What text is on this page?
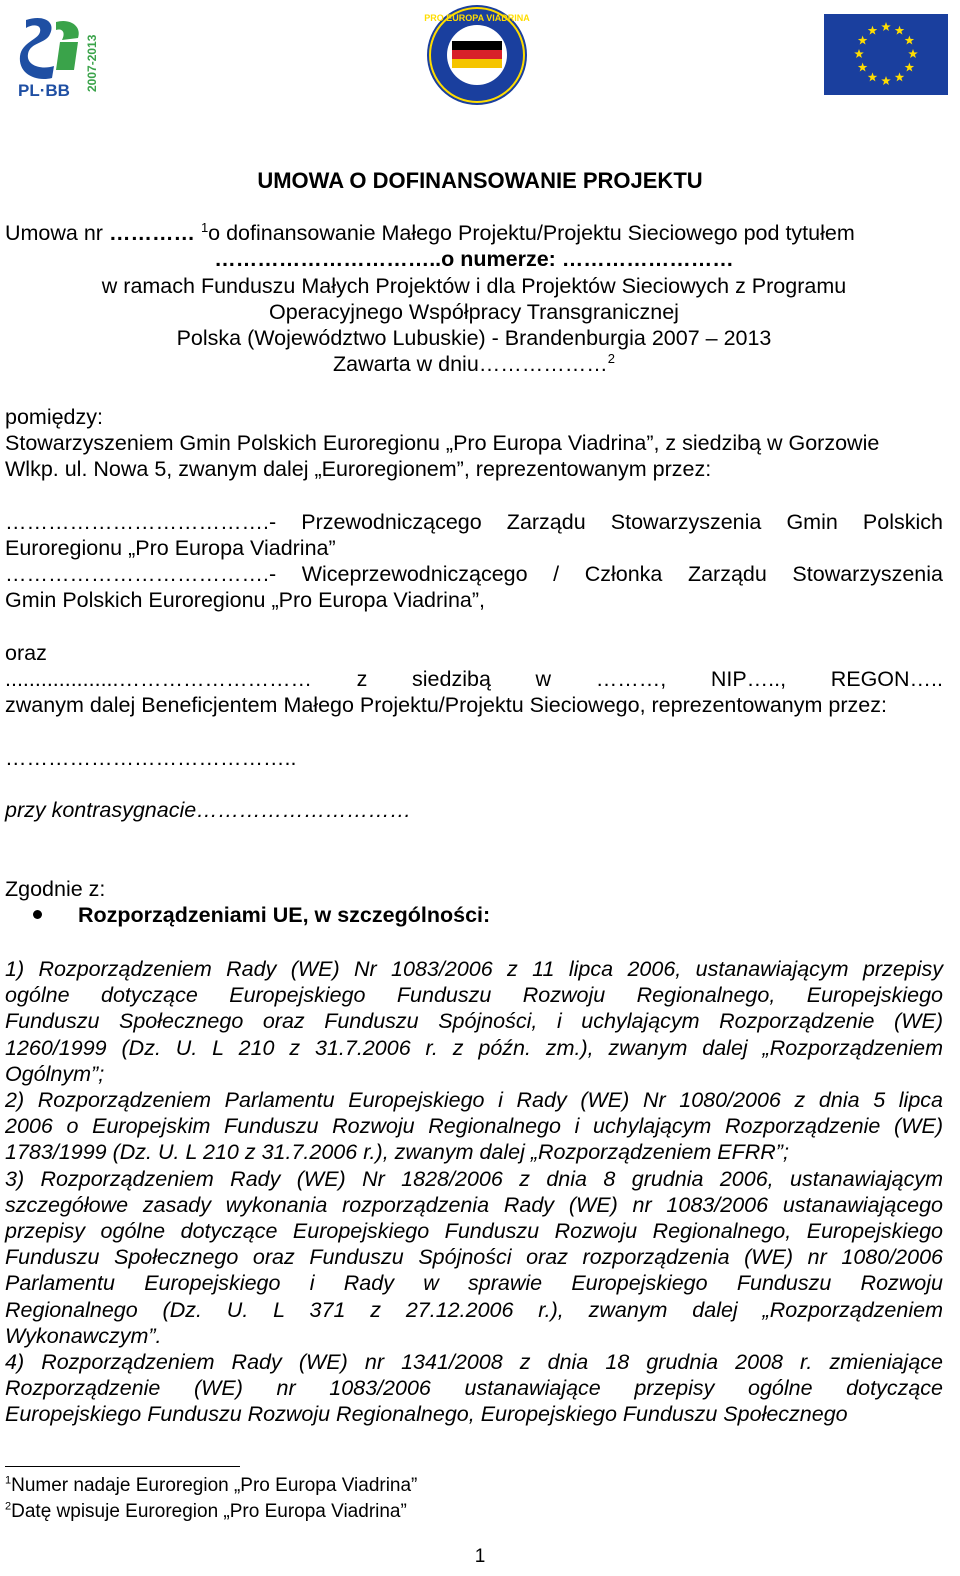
PL·BB 2007-2013
PRO EUROPA VIADRINA
UMOWA O DOFINANSOWANIE PROJEKTU
Umowa nr ………… $^1$o dofinansowanie Małego Projektu/Projektu Sieciowego pod tytułem
…………………………..o numerze: ……………………
w ramach Funduszu Małych Projektów i dla Projektów Sieciowych z Programu
Operacyjnego Współpracy Transgranicznej
Polska (Województwo Lubuskie) - Brandenburgia 2007 – 2013
Zawarta w dniu………………$^2$
pomiędzy:
Stowarzyszeniem Gmin Polskich Euroregionu „Pro Europa Viadrina”, z siedzibą w Gorzowie
Wlkp. ul. Nowa 5, zwanym dalej „Euroregionem”, reprezentowanym przez:
……………………………….- Przewodniczącego Zarządu Stowarzyszenia Gmin Polskich
Euroregionu „Pro Europa Viadrina”
……………………………….- Wiceprzewodniczącego / Członka Zarządu Stowarzyszenia
Gmin Polskich Euroregionu „Pro Europa Viadrina”,
oraz
...................……………………… z siedzibą w ………, NIP….., REGON…..
zwanym dalej Beneficjentem Małego Projektu/Projektu Sieciowego, reprezentowanym przez:
…………………………………..
przy kontrasygnacie…………………………
Zgodnie z:
Rozporządzeniami UE, w szczególności:
1) Rozporządzeniem Rady (WE) Nr 1083/2006 z 11 lipca 2006, ustanawiającym przepisy
ogólne dotyczące Europejskiego Funduszu Rozwoju Regionalnego, Europejskiego
Funduszu Społecznego oraz Funduszu Spójności, i uchylającym Rozporządzenie (WE)
1260/1999 (Dz. U. L 210 z 31.7.2006 r. z późn. zm.), zwanym dalej „Rozporządzeniem
Ogólnym”;
2) Rozporządzeniem Parlamentu Europejskiego i Rady (WE) Nr 1080/2006 z dnia 5 lipca
2006 o Europejskim Funduszu Rozwoju Regionalnego i uchylającym Rozporządzenie (WE)
1783/1999 (Dz. U. L 210 z 31.7.2006 r.), zwanym dalej „Rozporządzeniem EFRR”;
3) Rozporządzeniem Rady (WE) Nr 1828/2006 z dnia 8 grudnia 2006, ustanawiającym
szczegółowe zasady wykonania rozporządzenia Rady (WE) nr 1083/2006 ustanawiającego
przepisy ogólne dotyczące Europejskiego Funduszu Rozwoju Regionalnego, Europejskiego
Funduszu Społecznego oraz Funduszu Spójności oraz rozporządzenia (WE) nr 1080/2006
Parlamentu Europejskiego i Rady w sprawie Europejskiego Funduszu Rozwoju
Regionalnego (Dz. U. L 371 z 27.12.2006 r.), zwanym dalej „Rozporządzeniem
Wykonawczym”.
4) Rozporządzeniem Rady (WE) nr 1341/2008 z dnia 18 grudnia 2008 r. zmieniające
Rozporządzenie (WE) nr 1083/2006 ustanawiające przepisy ogólne dotyczące
Europejskiego Funduszu Rozwoju Regionalnego, Europejskiego Funduszu Społecznego
$^1$Numer nadaje Euroregion „Pro Europa Viadrina”
$^2$Datę wpisuje Euroregion „Pro Europa Viadrina”
1
